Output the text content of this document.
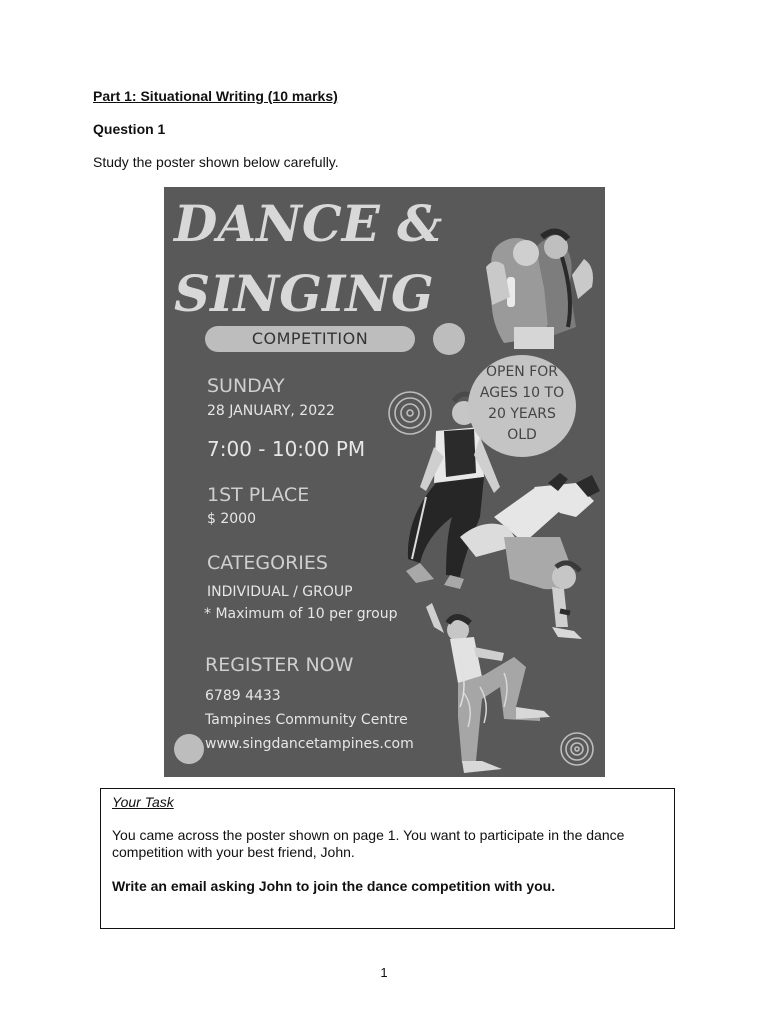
Part 1: Situational Writing (10 marks)
Question 1
Study the poster shown below carefully.
DANCE &
SINGING
COMPETITION
OPEN FOR
AGES 10 TO
20 YEARS
OLD
SUNDAY
28 JANUARY, 2022
7:00 - 10:00 PM
1ST PLACE
$ 2000
CATEGORIES
INDIVIDUAL / GROUP
* Maximum of 10 per group
REGISTER NOW
6789 4433
Tampines Community Centre
www.singdancetampines.com
Your Task
You came across the poster shown on page 1. You want to participate in the dance competition with your best friend, John.
Write an email asking John to join the dance competition with you.
1
